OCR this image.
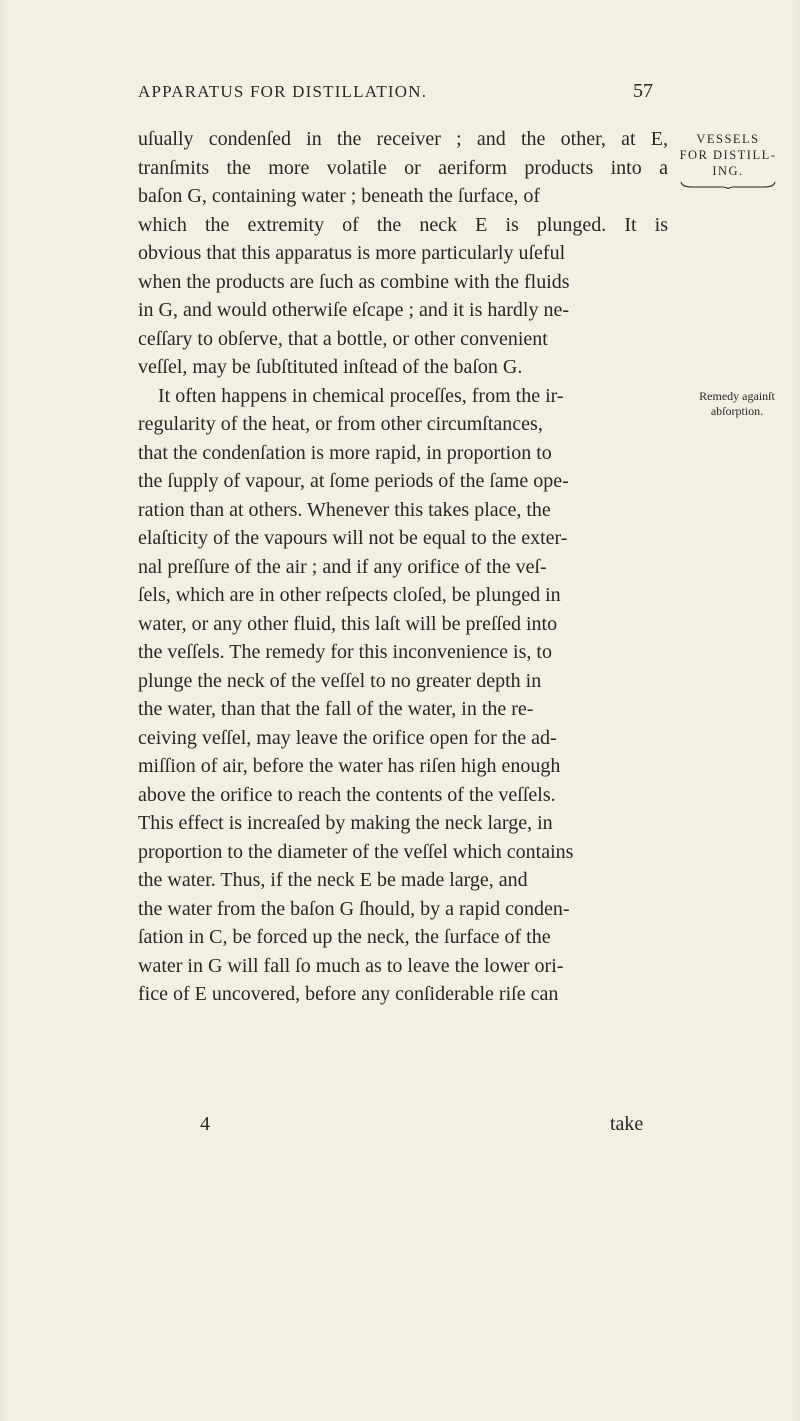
APPARATUS FOR DISTILLATION.	57
VESSELS
FOR DISTILL-
ING.
Remedy againſt
abſorption.
uſually condenſed in the receiver ; and the other, at E,
tranſmits the more volatile or aeriform products into a
baſon G, containing water ; beneath the ſurface, of
which the extremity of the neck E is plunged. It is
obvious that this apparatus is more particularly uſeful
when the products are ſuch as combine with the fluids
in G, and would otherwiſe eſcape ; and it is hardly ne-
ceſſary to obſerve, that a bottle, or other convenient
veſſel, may be ſubſtituted inſtead of the baſon G.
It often happens in chemical proceſſes, from the ir-
regularity of the heat, or from other circumſtances,
that the condenſation is more rapid, in proportion to
the ſupply of vapour, at ſome periods of the ſame ope-
ration than at others. Whenever this takes place, the
elaſticity of the vapours will not be equal to the exter-
nal preſſure of the air ; and if any orifice of the veſ-
ſels, which are in other reſpects cloſed, be plunged in
water, or any other fluid, this laſt will be preſſed into
the veſſels. The remedy for this inconvenience is, to
plunge the neck of the veſſel to no greater depth in
the water, than that the fall of the water, in the re-
ceiving veſſel, may leave the orifice open for the ad-
miſſion of air, before the water has riſen high enough
above the orifice to reach the contents of the veſſels.
This effect is increaſed by making the neck large, in
proportion to the diameter of the veſſel which contains
the water. Thus, if the neck E be made large, and
the water from the baſon G ſhould, by a rapid conden-
ſation in C, be forced up the neck, the ſurface of the
water in G will fall ſo much as to leave the lower ori-
fice of E uncovered, before any conſiderable riſe can
4	take
